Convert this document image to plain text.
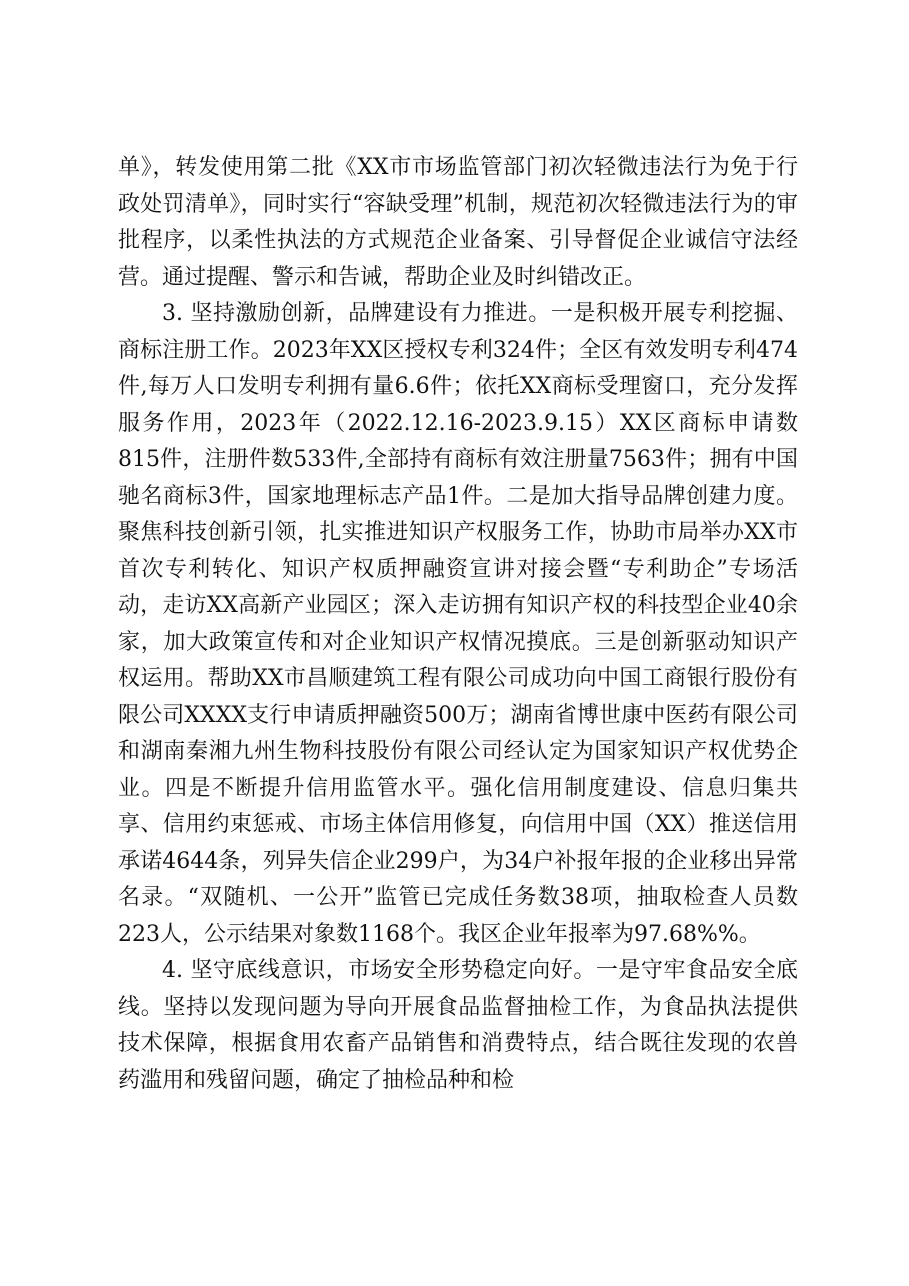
单》，转发使用第二批《XX市市场监管部门初次轻微违法行为免于行政处罚清单》，同时实行“容缺受理”机制，规范初次轻微违法行为的审批程序，以柔性执法的方式规范企业备案、引导督促企业诚信守法经营。通过提醒、警示和告诫，帮助企业及时纠错改正。

3. 坚持激励创新，品牌建设有力推进。一是积极开展专利挖掘、商标注册工作。2023年XX区授权专利324件；全区有效发明专利474件,每万人口发明专利拥有量6.6件；依托XX商标受理窗口，充分发挥服务作用，2023年（2022.12.16-2023.9.15）XX区商标申请数815件，注册件数533件,全部持有商标有效注册量7563件；拥有中国驰名商标3件，国家地理标志产品1件。二是加大指导品牌创建力度。聚焦科技创新引领，扎实推进知识产权服务工作，协助市局举办XX市首次专利转化、知识产权质押融资宣讲对接会暨“专利助企”专场活动，走访XX高新产业园区；深入走访拥有知识产权的科技型企业40余家，加大政策宣传和对企业知识产权情况摸底。三是创新驱动知识产权运用。帮助XX市昌顺建筑工程有限公司成功向中国工商银行股份有限公司XXXX支行申请质押融资500万；湖南省博世康中医药有限公司和湖南秦湘九州生物科技股份有限公司经认定为国家知识产权优势企业。四是不断提升信用监管水平。强化信用制度建设、信息归集共享、信用约束惩戒、市场主体信用修复，向信用中国（XX）推送信用承诺4644条，列异失信企业299户，为34户补报年报的企业移出异常名录。“双随机、一公开”监管已完成任务数38项，抽取检查人员数223人，公示结果对象数1168个。我区企业年报率为97.68%%。

4. 坚守底线意识，市场安全形势稳定向好。一是守牢食品安全底线。坚持以发现问题为导向开展食品监督抽检工作，为食品执法提供技术保障，根据食用农畜产品销售和消费特点，结合既往发现的农兽药滥用和残留问题，确定了抽检品种和检
